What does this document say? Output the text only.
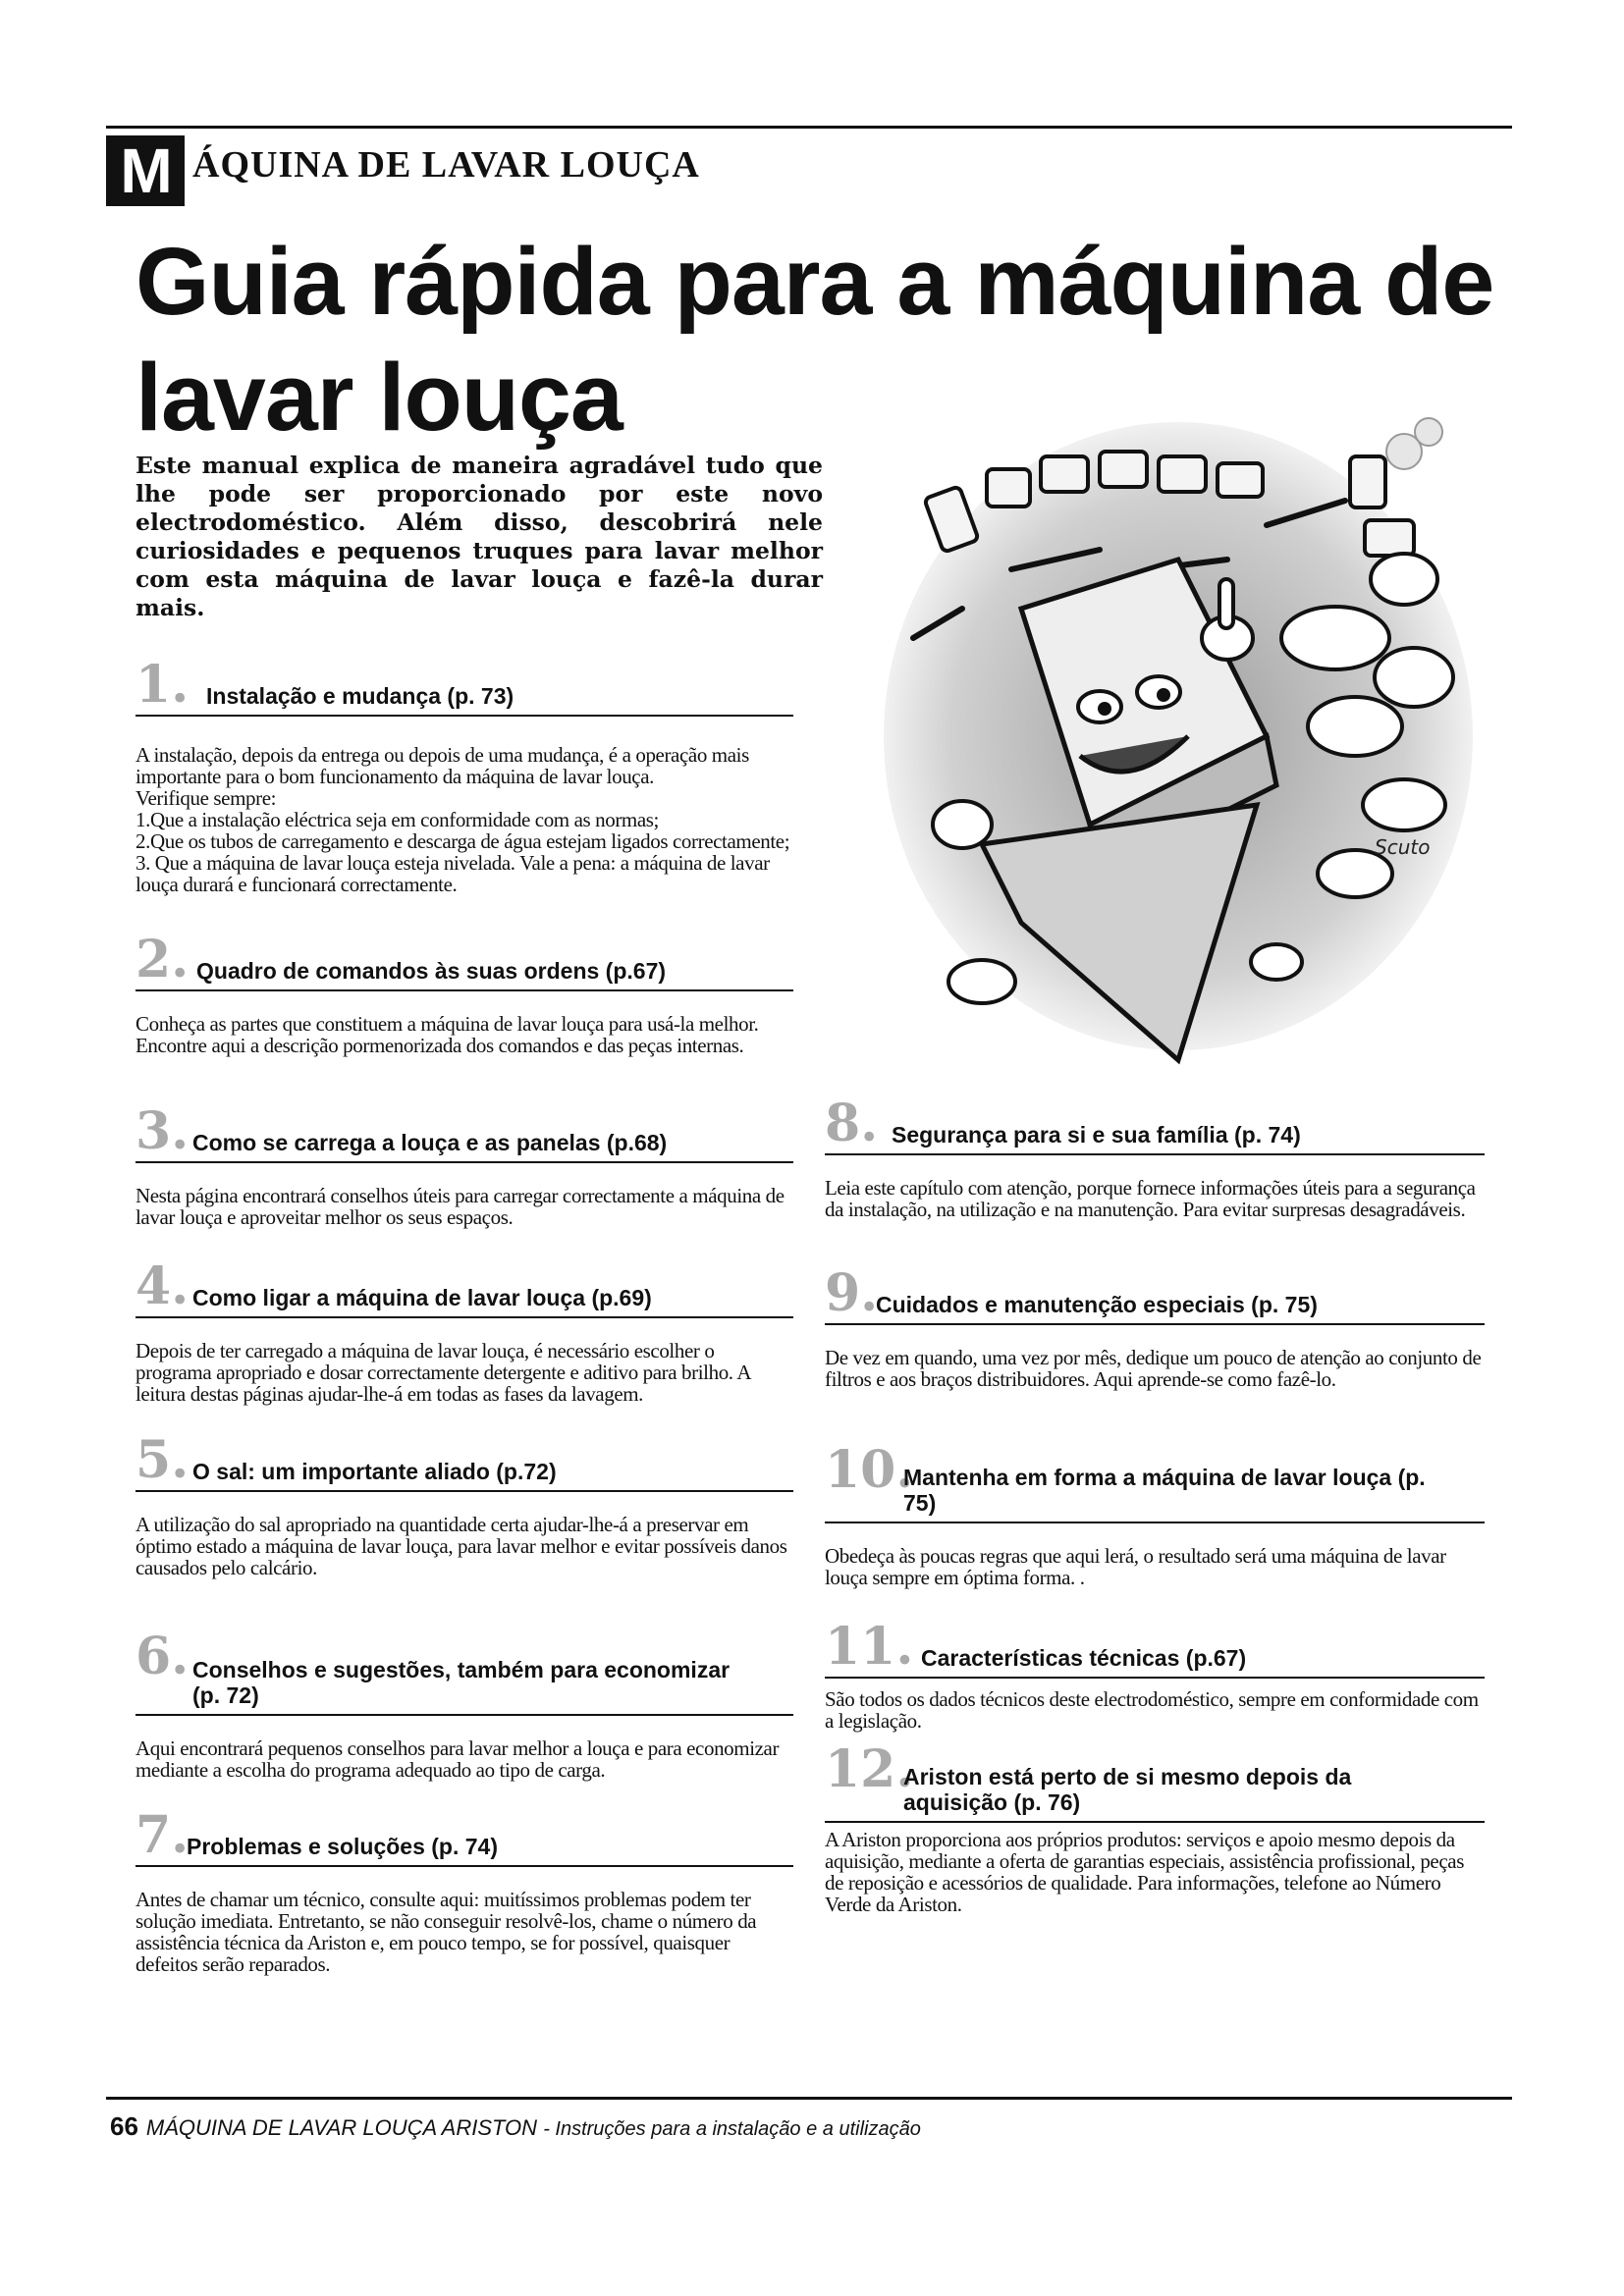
M ÁQUINA DE LAVAR LOUÇA
Guia rápida para a máquina de lavar louça
Este manual explica de maneira agradável tudo que lhe pode ser proporcionado por este novo electrodoméstico. Além disso, descobrirá nele curiosidades e pequenos truques para lavar melhor com esta máquina de lavar louça e fazê-la durar mais.
Scuto
1. Instalação e mudança (p. 73)
A instalação, depois da entrega ou depois de uma mudança, é a operação mais importante para o bom funcionamento da máquina de lavar louça.
Verifique sempre:
1.Que a instalação eléctrica seja em conformidade com as normas;
2.Que os tubos de carregamento e descarga de água estejam ligados correctamente;
3. Que a máquina de lavar louça esteja nivelada. Vale a pena: a máquina de lavar louça durará e funcionará correctamente.
2. Quadro de comandos às suas ordens (p.67)
Conheça as partes que constituem a máquina de lavar louça para usá-la melhor. Encontre aqui a descrição pormenorizada dos comandos e das peças internas.
3. Como se carrega a louça e as panelas (p.68)
Nesta página encontrará conselhos úteis para carregar correctamente a máquina de lavar louça e aproveitar melhor os seus espaços.
4. Como ligar a máquina de lavar louça (p.69)
Depois de ter carregado a máquina de lavar louça, é necessário escolher o programa apropriado e dosar correctamente detergente e aditivo para brilho. A leitura destas páginas ajudar-lhe-á em todas as fases da lavagem.
5. O sal: um importante aliado (p.72)
A utilização do sal apropriado na quantidade certa ajudar-lhe-á a preservar em óptimo estado a máquina de lavar louça, para lavar melhor e evitar possíveis danos causados pelo calcário.
6. Conselhos e sugestões, também para economizar (p. 72)
Aqui encontrará pequenos conselhos para lavar melhor a louça e para economizar mediante a escolha do programa adequado ao tipo de carga.
7.
Problemas e soluções (p. 74)
Antes de chamar um técnico, consulte aqui: muitíssimos problemas podem ter solução imediata. Entretanto, se não conseguir resolvê-los, chame o número da assistência técnica da Ariston e, em pouco tempo, se for possível, quaisquer defeitos serão reparados.
8. Segurança para si e sua família (p. 74)
Leia este capítulo com atenção, porque fornece informações úteis para a segurança da instalação, na utilização e na manutenção. Para evitar surpresas desagradáveis.
9.
Cuidados e manutenção especiais (p. 75)
De vez em quando, uma vez por mês, dedique um pouco de atenção ao conjunto de filtros e aos braços distribuidores. Aqui aprende-se como fazê-lo.
10.
Mantenha em forma a máquina de lavar louça (p. 75)
Obedeça às poucas regras que aqui lerá, o resultado será uma máquina de lavar louça sempre em óptima forma. .
11. Características técnicas (p.67)
São todos os dados técnicos deste electrodoméstico, sempre em conformidade com a legislação.
12.
Ariston está perto de si mesmo depois da aquisição (p. 76)
A Ariston proporciona aos próprios produtos: serviços e apoio mesmo depois da aquisição, mediante a oferta de garantias especiais, assistência profissional, peças de reposição e acessórios de qualidade. Para informações, telefone ao Número Verde da Ariston.
66 MÁQUINA DE LAVAR LOUÇA ARISTON - Instruções para a instalação e a utilização
